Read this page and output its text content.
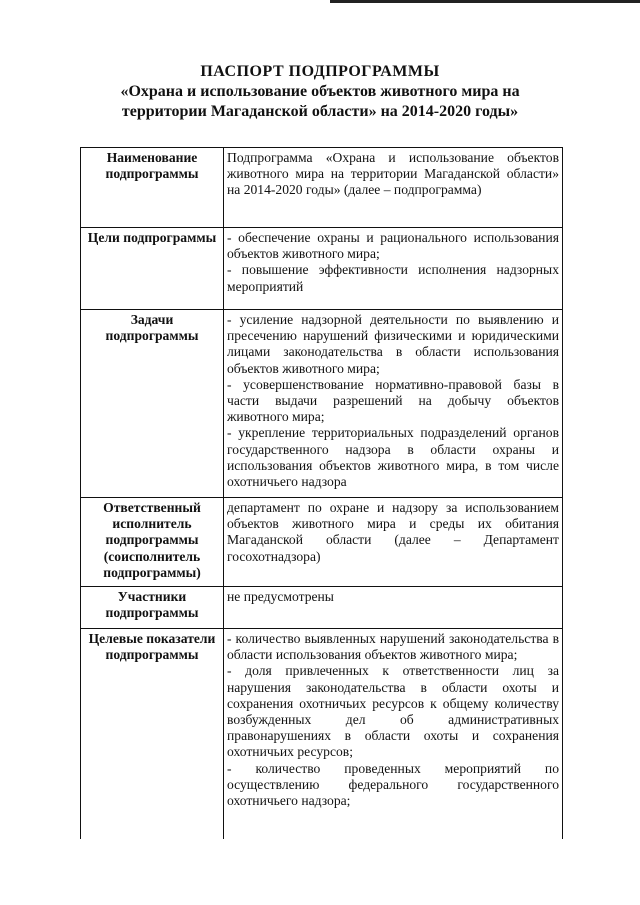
ПАСПОРТ ПОДПРОГРАММЫ
«Охрана и использование объектов животного мира на
территории Магаданской области» на 2014-2020 годы»
Наименование подпрограммы	Подпрограмма «Охрана и использование объектов животного мира на территории Магаданской области» на 2014-2020 годы» (далее – подпрограмма)

Цели подпрограммы	- обеспечение охраны и рационального использования объектов животного мира;
- повышение эффективности исполнения надзорных мероприятий

Задачи подпрограммы	- усиление надзорной деятельности по выявлению и пресечению нарушений физическими и юридическими лицами законодательства в области использования объектов животного мира;
- усовершенствование нормативно-правовой базы в части выдачи разрешений на добычу объектов животного мира;
- укрепление территориальных подразделений органов государственного надзора в области охраны и использования объектов животного мира, в том числе охотничьего надзора

Ответственный исполнитель подпрограммы (соисполнитель подпрограммы)	департамент по охране и надзору за использованием объектов животного мира и среды их обитания Магаданской области (далее – Департамент госохотнадзора)

Участники подпрограммы	не предусмотрены

Целевые показатели подпрограммы	- количество выявленных нарушений законодательства в области использования объектов животного мира;
- доля привлеченных к ответственности лиц за нарушения законодательства в области охоты и сохранения охотничьих ресурсов к общему количеству возбужденных дел об административных правонарушениях в области охоты и сохранения охотничьих ресурсов;
- количество проведенных мероприятий по осуществлению федерального государственного охотничьего надзора;
